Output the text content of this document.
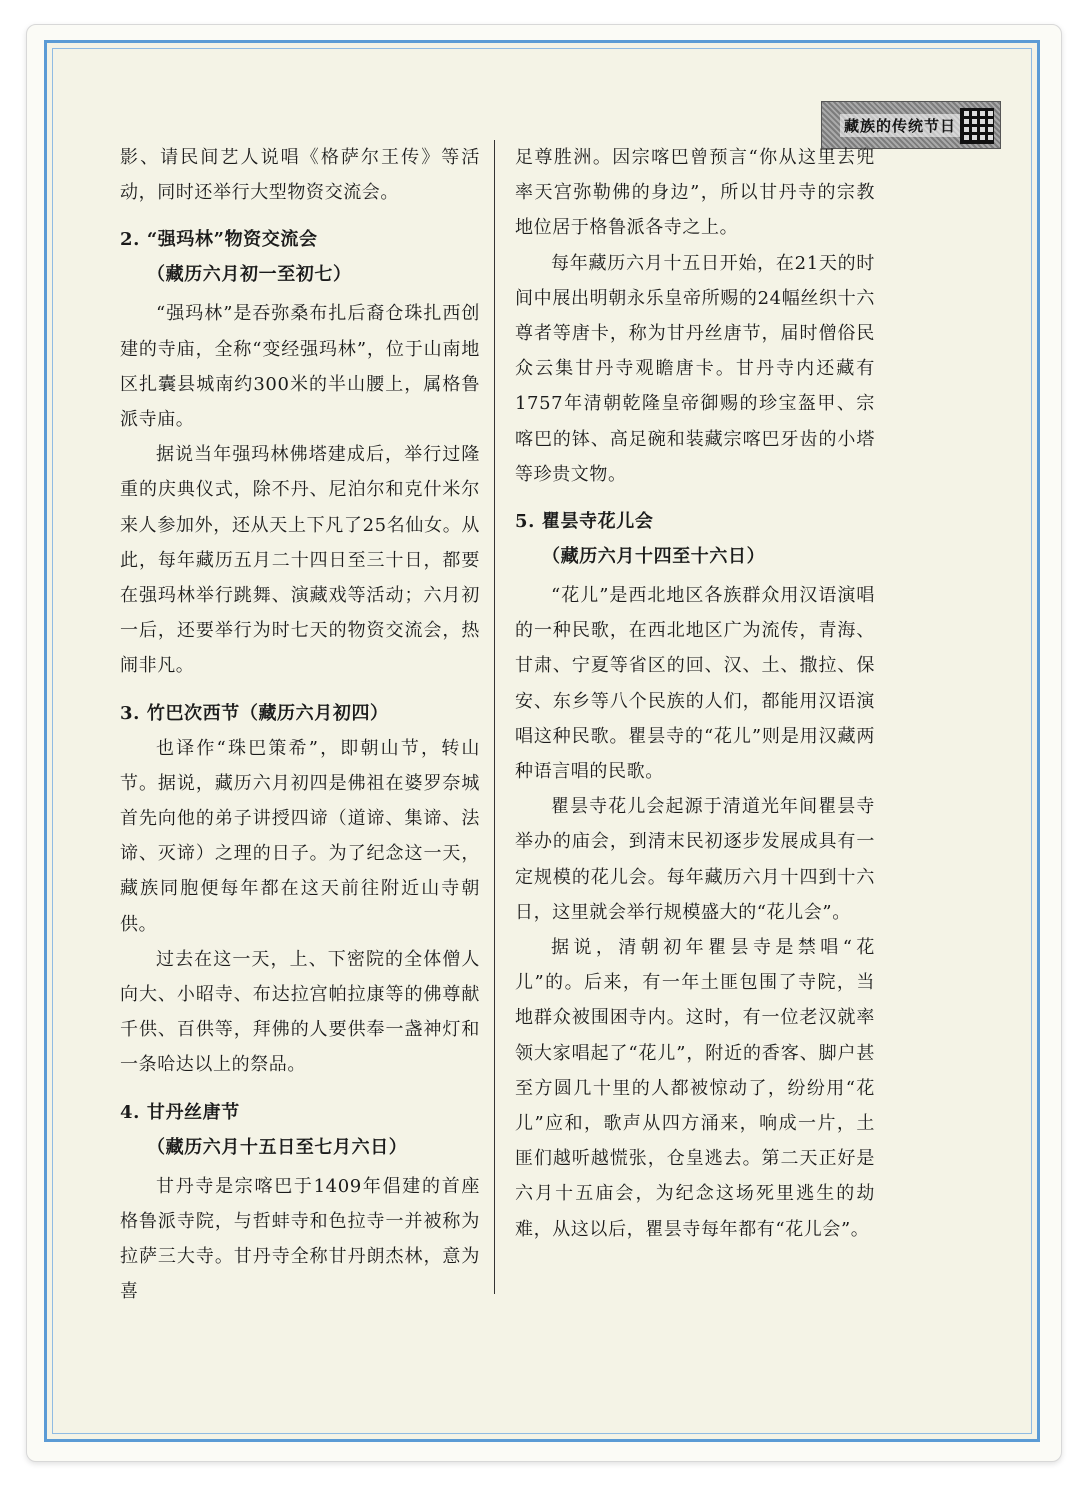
藏族的传统节日

影、请民间艺人说唱《格萨尔王传》等活动，同时还举行大型物资交流会。

2. “强玛林”物资交流会
（藏历六月初一至初七）

“强玛林”是吞弥桑布扎后裔仓珠扎西创建的寺庙，全称“变经强玛林”，位于山南地区扎囊县城南约300米的半山腰上，属格鲁派寺庙。

据说当年强玛林佛塔建成后，举行过隆重的庆典仪式，除不丹、尼泊尔和克什米尔来人参加外，还从天上下凡了25名仙女。从此，每年藏历五月二十四日至三十日，都要在强玛林举行跳舞、演藏戏等活动；六月初一后，还要举行为时七天的物资交流会，热闹非凡。

3. 竹巴次西节（藏历六月初四）

也译作“珠巴策希”，即朝山节，转山节。据说，藏历六月初四是佛祖在婆罗奈城首先向他的弟子讲授四谛（道谛、集谛、法谛、灭谛）之理的日子。为了纪念这一天，藏族同胞便每年都在这天前往附近山寺朝供。

过去在这一天，上、下密院的全体僧人向大、小昭寺、布达拉宫帕拉康等的佛尊献千供、百供等，拜佛的人要供奉一盏神灯和一条哈达以上的祭品。

4. 甘丹丝唐节
（藏历六月十五日至七月六日）

甘丹寺是宗喀巴于1409年倡建的首座格鲁派寺院，与哲蚌寺和色拉寺一并被称为拉萨三大寺。甘丹寺全称甘丹朗杰林，意为喜

足尊胜洲。因宗喀巴曾预言“你从这里去兜率天宫弥勒佛的身边”，所以甘丹寺的宗教地位居于格鲁派各寺之上。

每年藏历六月十五日开始，在21天的时间中展出明朝永乐皇帝所赐的24幅丝织十六尊者等唐卡，称为甘丹丝唐节，届时僧俗民众云集甘丹寺观瞻唐卡。甘丹寺内还藏有1757年清朝乾隆皇帝御赐的珍宝盔甲、宗喀巴的钵、高足碗和装藏宗喀巴牙齿的小塔等珍贵文物。

5. 瞿昙寺花儿会
（藏历六月十四至十六日）

“花儿”是西北地区各族群众用汉语演唱的一种民歌，在西北地区广为流传，青海、甘肃、宁夏等省区的回、汉、土、撒拉、保安、东乡等八个民族的人们，都能用汉语演唱这种民歌。瞿昙寺的“花儿”则是用汉藏两种语言唱的民歌。

瞿昙寺花儿会起源于清道光年间瞿昙寺举办的庙会，到清末民初逐步发展成具有一定规模的花儿会。每年藏历六月十四到十六日，这里就会举行规模盛大的“花儿会”。

据说，清朝初年瞿昙寺是禁唱“花儿”的。后来，有一年土匪包围了寺院，当地群众被围困寺内。这时，有一位老汉就率领大家唱起了“花儿”，附近的香客、脚户甚至方圆几十里的人都被惊动了，纷纷用“花儿”应和，歌声从四方涌来，响成一片，土匪们越听越慌张，仓皇逃去。第二天正好是六月十五庙会，为纪念这场死里逃生的劫难，从这以后，瞿昙寺每年都有“花儿会”。
